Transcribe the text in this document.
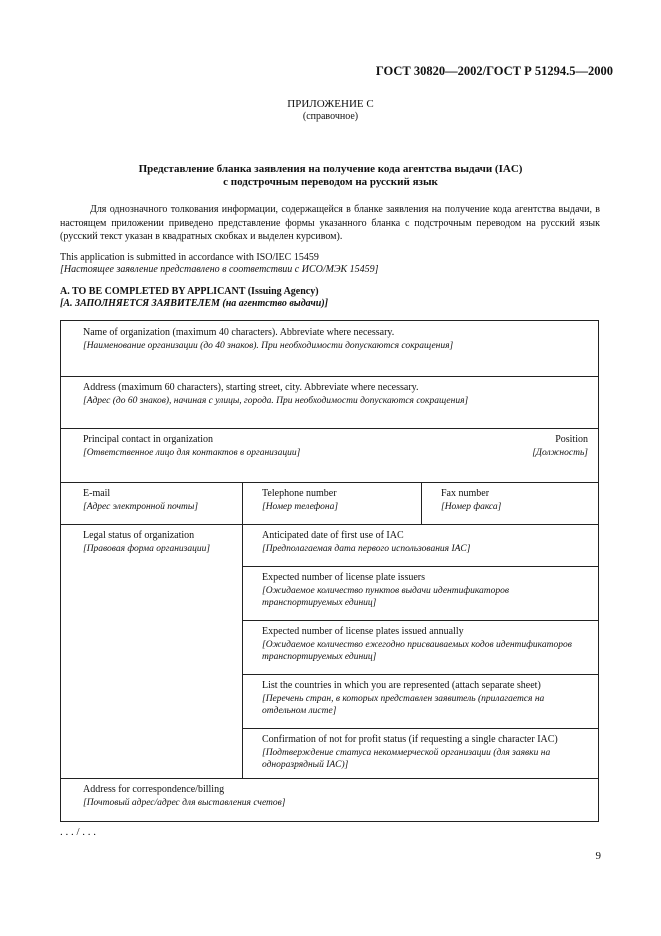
ГОСТ 30820—2002/ГОСТ Р 51294.5—2000
ПРИЛОЖЕНИЕ С
(справочное)
Представление бланка заявления на получение кода агентства выдачи (IAC)
с подстрочным переводом на русский язык
Для однозначного толкования информации, содержащейся в бланке заявления на получение кода агентства выдачи, в настоящем приложении приведено представление формы указанного бланка с подстрочным переводом на русский язык (русский текст указан в квадратных скобках и выделен курсивом).
This application is submitted in accordance with ISO/IEC 15459
[Настоящее заявление представлено в соответствии с ИСО/МЭК 15459]
A. TO BE COMPLETED BY APPLICANT (Issuing Agency)
[А. ЗАПОЛНЯЕТСЯ ЗАЯВИТЕЛЕМ (на агентство выдачи)]
Name of organization (maximum 40 characters). Abbreviate where necessary.
[Наименование организации (до 40 знаков). При необходимости допускаются сокращения]
Address (maximum 60 characters), starting street, city. Abbreviate where necessary.
[Адрес (до 60 знаков), начиная с улицы, города. При необходимости допускаются сокращения]
Principal contact in organization
[Ответственное лицо для контактов в организации]
Position
[Должность]
E-mail
[Адрес электронной почты]
Telephone number
[Номер телефона]
Fax number
[Номер факса]
Legal status of organization
[Правовая форма организации]
Anticipated date of first use of IAC
[Предполагаемая дата первого использования IAC]
Expected number of license plate issuers
[Ожидаемое количество пунктов выдачи идентификаторов транспортируемых единиц]
Expected number of license plates issued annually
[Ожидаемое количество ежегодно присваиваемых кодов идентификаторов транспортируемых единиц]
List the countries in which you are represented (attach separate sheet)
[Перечень стран, в которых представлен заявитель (прилагается на отдельном листе]
Confirmation of not for profit status (if requesting a single character IAC)
[Подтверждение статуса некоммерческой организации (для заявки на одноразрядный IAC)]
Address for correspondence/billing
[Почтовый адрес/адрес для выставления счетов]
. . . / . . .
9
